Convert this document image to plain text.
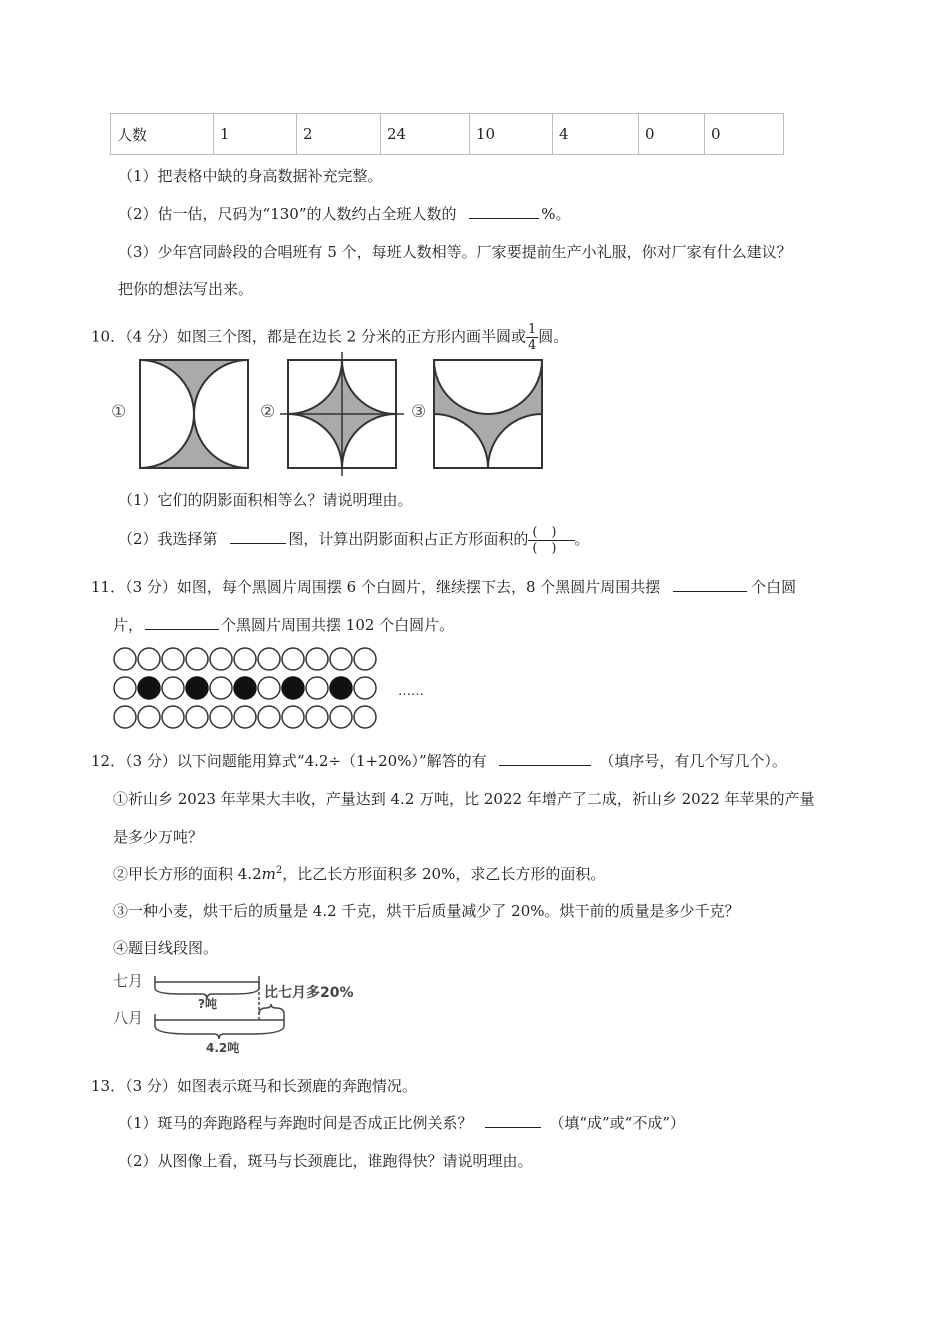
人数	1	2	24	10	4	0	0
（1）把表格中缺的身高数据补充完整。
（2）估一估，尺码为“130”的人数约占全班人数的	%。
（3）少年宫同龄段的合唱班有 5 个，每班人数相等。厂家要提前生产小礼服，你对厂家有什么建议？
把你的想法写出来。
10．（4 分）如图三个图，都是在边长 2 分米的正方形内画半圆或 $\frac{1}{4}$ 圆。
①	②	③
（1）它们的阴影面积相等么？请说明理由。
（2）我选择第	图，计算出阴影面积占正方形面积的 $\frac{()}{()}$ 。
11．（3 分）如图，每个黑圆片周围摆 6 个白圆片，继续摆下去，8 个黑圆片周围共摆	个白圆
片，	个黑圆片周围共摆 102 个白圆片。
……
12．（3 分）以下问题能用算式“4.2÷（1+20%）”解答的有	（填序号，有几个写几个）。
①祈山乡 2023 年苹果大丰收，产量达到 4.2 万吨，比 2022 年增产了二成，祈山乡 2022 年苹果的产量
是多少万吨？
②甲长方形的面积 $4.2m^2$，比乙长方形面积多 20%，求乙长方形的面积。
③一种小麦，烘干后的质量是 4.2 千克，烘干后质量减少了 20%。烘干前的质量是多少千克？
④题目线段图。
七月
八月
?吨
比七月多20%
4.2吨
13．（3 分）如图表示斑马和长颈鹿的奔跑情况。
（1）斑马的奔跑路程与奔跑时间是否成正比例关系？	（填“成”或“不成”）
（2）从图像上看，斑马与长颈鹿比，谁跑得快？请说明理由。
